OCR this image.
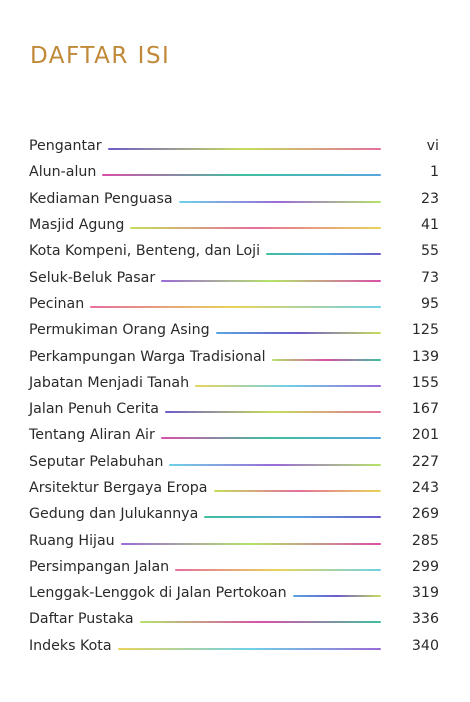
DAFTAR ISI
Pengantar	vi
Alun-alun	1
Kediaman Penguasa	23
Masjid Agung	41
Kota Kompeni, Benteng, dan Loji	55
Seluk-Beluk Pasar	73
Pecinan	95
Permukiman Orang Asing	125
Perkampungan Warga Tradisional	139
Jabatan Menjadi Tanah	155
Jalan Penuh Cerita	167
Tentang Aliran Air	201
Seputar Pelabuhan	227
Arsitektur Bergaya Eropa	243
Gedung dan Julukannya	269
Ruang Hijau	285
Persimpangan Jalan	299
Lenggak-Lenggok di Jalan Pertokoan	319
Daftar Pustaka	336
Indeks Kota	340
